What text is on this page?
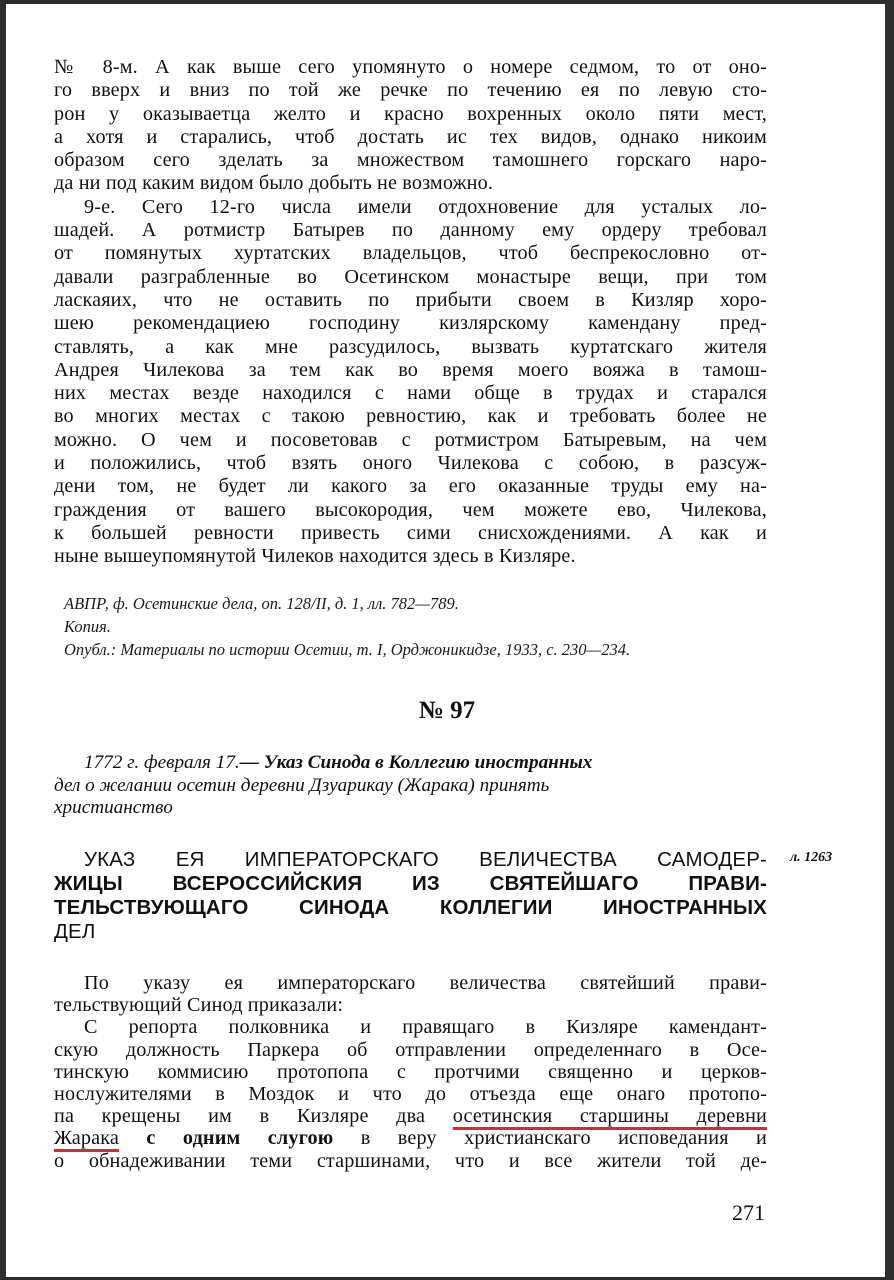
№ 8-м. А как выше сего упомянуто о номере седмом, то от оно-
го вверх и вниз по той же речке по течению ея по левую сто-
рон у оказываетца желто и красно вохренных около пяти мест,
а хотя и старались, чтоб достать ис тех видов, однако никоим
образом сего зделать за множеством тамошнего горскаго наро-
да ни под каким видом было добыть не возможно.
9-е. Сего 12-го числа имели отдохновение для усталых ло-
шадей. А ротмистр Батырев по данному ему ордеру требовал
от помянутых хуртатских владельцов, чтоб беспрекословно от-
давали разграбленные во Осетинском монастыре вещи, при том
ласкаяих, что не оставить по прибыти своем в Кизляр хоро-
шею рекомендациею господину кизлярскому камендану пред-
ставлять, а как мне разсудилось, вызвать куртатскаго жителя
Андрея Чилекова за тем как во время моего вояжа в тамош-
них местах везде находился с нами обще в трудах и старался
во многих местах с такою ревностию, как и требовать более не
можно. О чем и посоветовав с ротмистром Батыревым, на чем
и положились, чтоб взять оного Чилекова с собою, в разсуж-
дени том, не будет ли какого за его оказанные труды ему на-
граждения от вашего высокородия, чем можете ево, Чилекова,
к большей ревности привесть сими снисхождениями. А как и
ныне вышеупомянутой Чилеков находится здесь в Кизляре.
АВПР, ф. Осетинские дела, оп. 128/II, д. 1, лл. 782—789.
Копия.
Опубл.: Материалы по истории Осетии, т. I, Орджоникидзе, 1933, с. 230—234.
№ 97
1772 г. февраля 17.— Указ Синода в Коллегию иностранных
дел о желании осетин деревни Дзуарикау (Жарака) принять
христианство
УКАЗ ЕЯ ИМПЕРАТОРСКАГО ВЕЛИЧЕСТВА САМОДЕР-
ЖИЦЫ ВСЕРОССИЙСКИЯ ИЗ СВЯТЕЙШАГО ПРАВИ-
ТЕЛЬСТВУЮЩАГО СИНОДА КОЛЛЕГИИ ИНОСТРАННЫХ
ДЕЛ
л. 1263
По указу ея императорскаго величества святейший прави-
тельствующий Синод приказали:
С репорта полковника и правящаго в Кизляре камендант-
скую должность Паркера об отправлении определеннаго в Осе-
тинскую коммисию протопопа с протчими священно и церков-
нослужителями в Моздок и что до отъезда еще онаго протопо-
па крещены им в Кизляре два осетинския старшины деревни
Жарака с одним слугою в веру христианскаго исповедания и
о обнадеживании теми старшинами, что и все жители той де-
271
